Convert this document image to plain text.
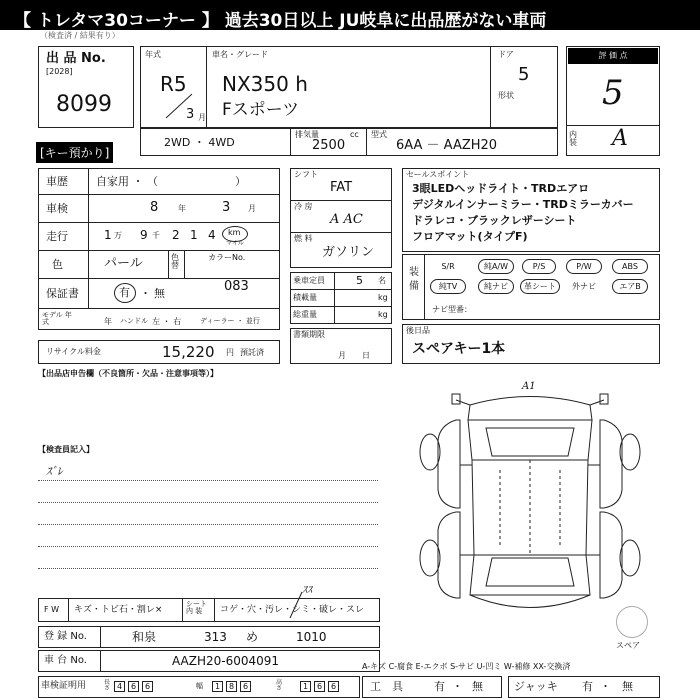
【 トレタマ30コーナー 】 過去30日以上 JU岐阜に出品歴がない車両
（検査済 / 結果有り）
出 品 No.
[2028]
8099
[キー預かり]
年式
R5
3 月
車名・グレード
NX350 h
Fスポーツ
ドア
5
形状
評 価 点
5
内 装 A
2WD ・ 4WD
排気量	cc
2500
型式
6AA － AAZH20
車歴	自家用 ・ （　　　　　　　）
車検	8 年	3 月
走行	1 万 9 千 2 1 4 km
マイル
色	パール	色 替
カラーNo.
083
保証書	有 ・ 無
モデル 年 式	年 ハンドル 左 ・ 右	ディーラー ・ 並行
リサイクル料金	15,220 円 預託済
シフト
FAT
冷 房
A AC
燃 料
ガソリン
乗車定員	5 名
積載量	kg
総重量	kg
書類期限
月　　日
セールスポイント
3眼LEDヘッドライト・TRDエアロ
デジタルインナーミラー・TRDミラーカバー
ドラレコ・ブラックレザーシート
フロアマット(タイプF)
装 備
S/R	純A/W	P/S	P/W	ABS
純TV	純ナビ	革シート	外ナビ	エアB
ナビ型番：
後日品
スペアキー1本
【出品店申告欄（不良箇所・欠品・注意事項等）】
【検査員記入】
ｽﾞﾚ
A1
スペア
F W キズ・トビ石・割レ×
シート 内 装	コゲ・穴・汚レ・シミ・破レ・スレ
ｽｽ
登 録 No.	和泉	313 め	1010
車 台 No.	AAZH20-6004091	A-キズ C-腐食 E-エクボ S-サビ U-凹ミ W-補修 XX-交換済
車検証明用	長さ 4	6	6	幅	1	8	6	高さ	1	6	6	工　具	有 ・ 無	ジャッキ 有 ・ 無
